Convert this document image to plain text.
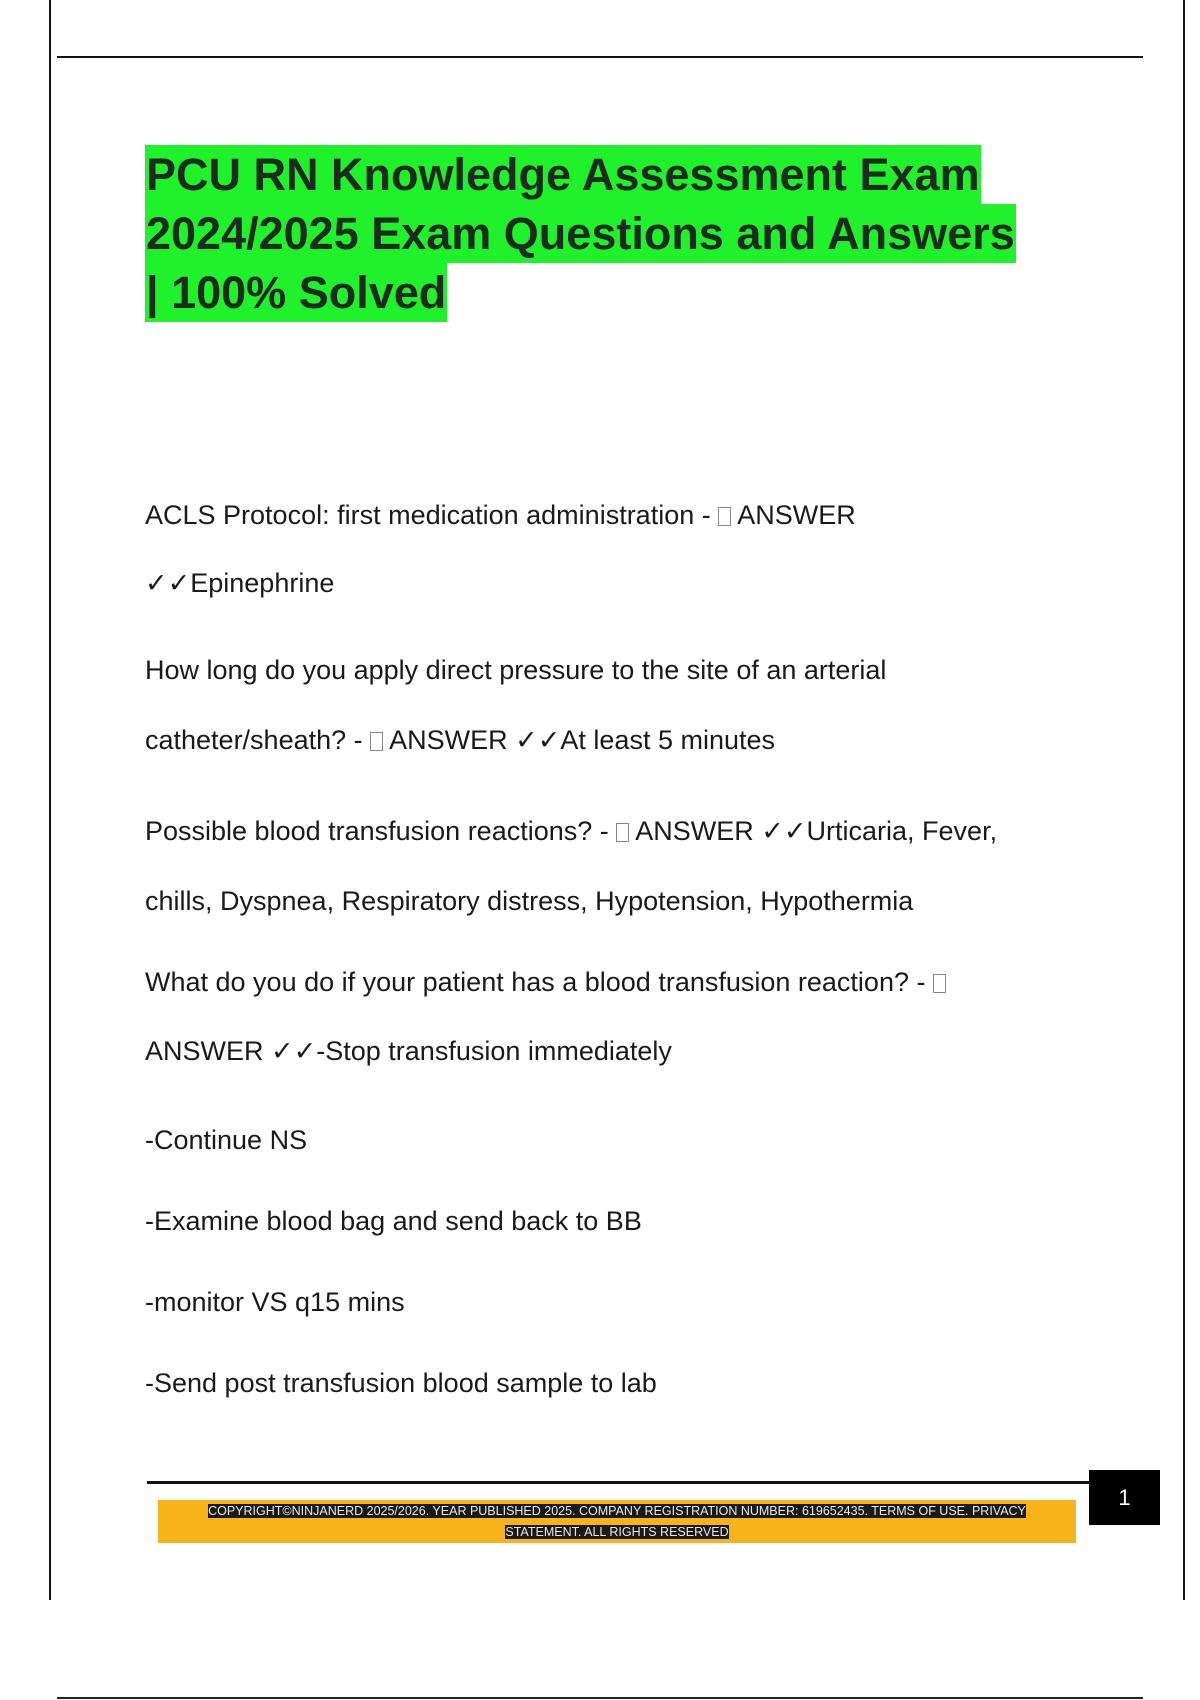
PCU RN Knowledge Assessment Exam
2024/2025 Exam Questions and Answers
| 100% Solved
ACLS Protocol: first medication administration -  ANSWER
✓✓Epinephrine
How long do you apply direct pressure to the site of an arterial
catheter/sheath? -  ANSWER ✓✓At least 5 minutes
Possible blood transfusion reactions? -  ANSWER ✓✓Urticaria, Fever,
chills, Dyspnea, Respiratory distress, Hypotension, Hypothermia
What do you do if your patient has a blood transfusion reaction? -
ANSWER ✓✓-Stop transfusion immediately
-Continue NS
-Examine blood bag and send back to BB
-monitor VS q15 mins
-Send post transfusion blood sample to lab
1
COPYRIGHT©NINJANERD 2025/2026. YEAR PUBLISHED 2025. COMPANY REGISTRATION NUMBER: 619652435. TERMS OF USE. PRIVACY
STATEMENT. ALL RIGHTS RESERVED
